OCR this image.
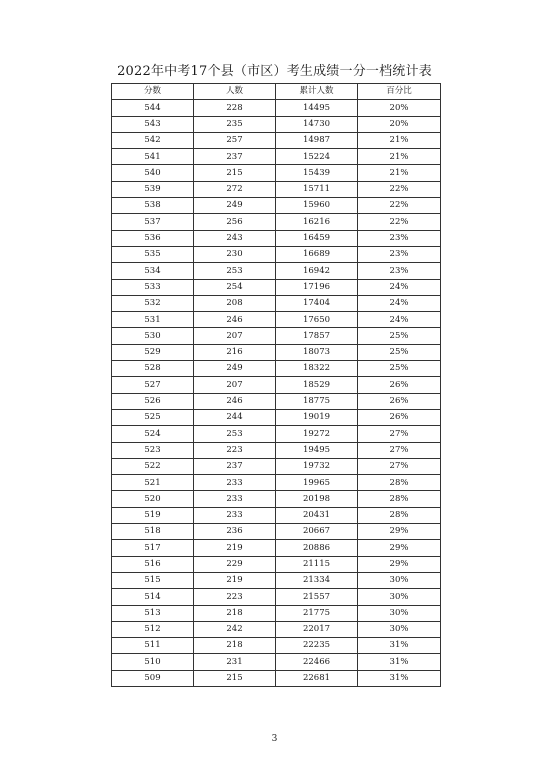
2022年中考17个县（市区）考生成绩一分一档统计表
分数	人数	累计人数	百分比
544	228	14495	20%
543	235	14730	20%
542	257	14987	21%
541	237	15224	21%
540	215	15439	21%
539	272	15711	22%
538	249	15960	22%
537	256	16216	22%
536	243	16459	23%
535	230	16689	23%
534	253	16942	23%
533	254	17196	24%
532	208	17404	24%
531	246	17650	24%
530	207	17857	25%
529	216	18073	25%
528	249	18322	25%
527	207	18529	26%
526	246	18775	26%
525	244	19019	26%
524	253	19272	27%
523	223	19495	27%
522	237	19732	27%
521	233	19965	28%
520	233	20198	28%
519	233	20431	28%
518	236	20667	29%
517	219	20886	29%
516	229	21115	29%
515	219	21334	30%
514	223	21557	30%
513	218	21775	30%
512	242	22017	30%
511	218	22235	31%
510	231	22466	31%
509	215	22681	31%
3
